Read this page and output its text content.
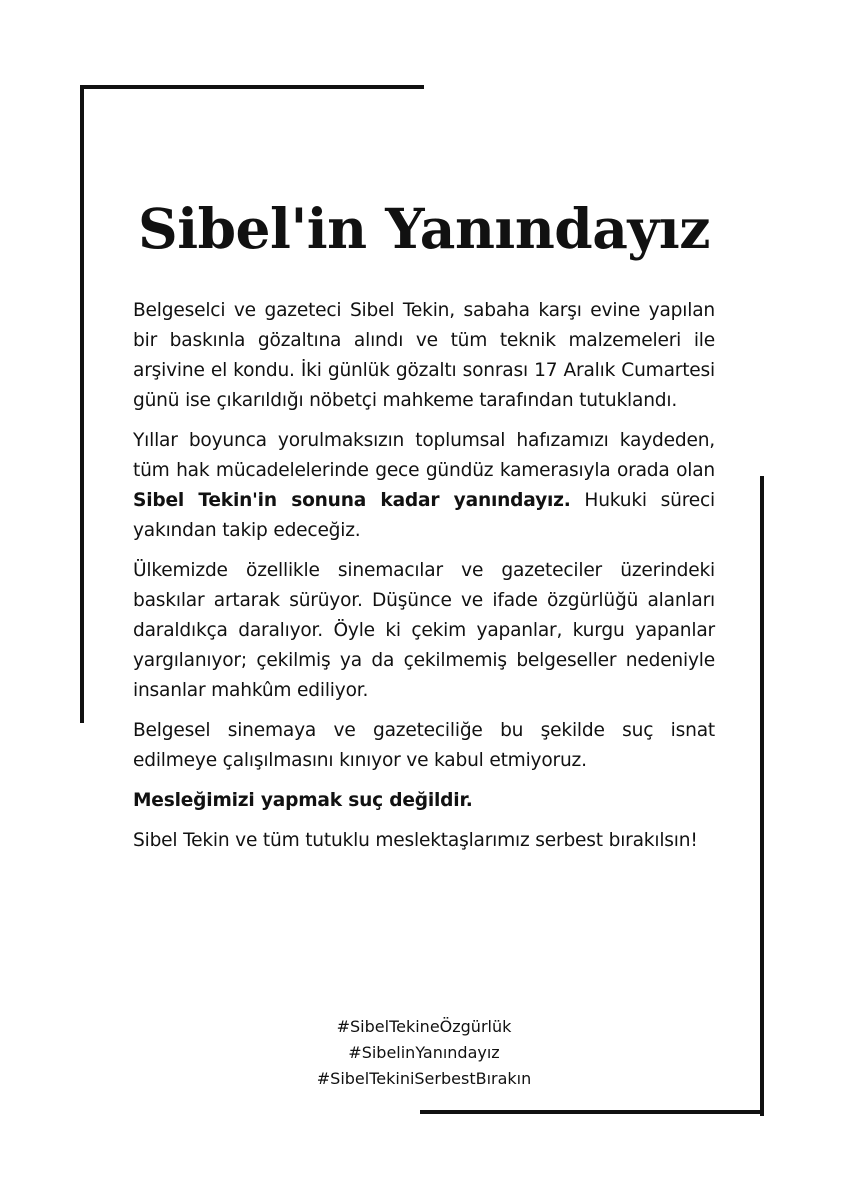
Sibel'in Yanındayız

Belgeselci ve gazeteci Sibel Tekin, sabaha karşı evine yapılan bir baskınla gözaltına alındı ve tüm teknik malzemeleri ile arşivine el kondu. İki günlük gözaltı sonrası 17 Aralık Cumartesi günü ise çıkarıldığı nöbetçi mahkeme tarafından tutuklandı.

Yıllar boyunca yorulmaksızın toplumsal hafızamızı kaydeden, tüm hak mücadelelerinde gece gündüz kamerasıyla orada olan Sibel Tekin'in sonuna kadar yanındayız. Hukuki süreci yakından takip edeceğiz.

Ülkemizde özellikle sinemacılar ve gazeteciler üzerindeki baskılar artarak sürüyor. Düşünce ve ifade özgürlüğü alanları daraldıkça daralıyor. Öyle ki çekim yapanlar, kurgu yapanlar yargılanıyor; çekilmiş ya da çekilmemiş belgeseller nedeniyle insanlar mahkûm ediliyor.

Belgesel sinemaya ve gazeteciliğe bu şekilde suç isnat edilmeye çalışılmasını kınıyor ve kabul etmiyoruz.

Mesleğimizi yapmak suç değildir.

Sibel Tekin ve tüm tutuklu meslektaşlarımız serbest bırakılsın!

#SibelTekineÖzgürlük
#SibelinYanındayız
#SibelTekiniSerbestBırakın
